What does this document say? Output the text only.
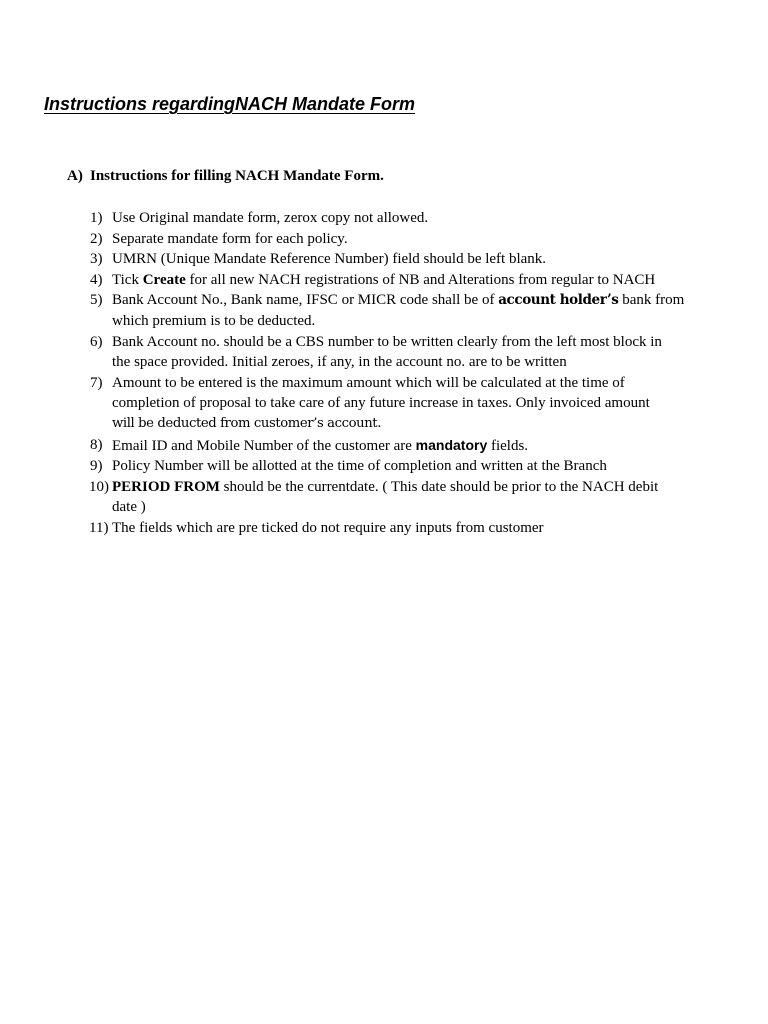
Instructions regardingNACH Mandate Form
A) Instructions for filling NACH Mandate Form.
1) Use Original mandate form, zerox copy not allowed.
2) Separate mandate form for each policy.
3) UMRN (Unique Mandate Reference Number) field should be left blank.
4) Tick Create for all new NACH registrations of NB and Alterations from regular to NACH
5) Bank Account No., Bank name, IFSC or MICR code shall be of account holder’s bank from
which premium is to be deducted.
6) Bank Account no. should be a CBS number to be written clearly from the left most block in
the space provided. Initial zeroes, if any, in the account no. are to be written
7) Amount to be entered is the maximum amount which will be calculated at the time of
completion of proposal to take care of any future increase in taxes. Only invoiced amount
will be deducted from customer’s account.
8) Email ID and Mobile Number of the customer are mandatory fields.
9) Policy Number will be allotted at the time of completion and written at the Branch
10) PERIOD FROM should be the currentdate. ( This date should be prior to the NACH debit
date )
11) The fields which are pre ticked do not require any inputs from customer
